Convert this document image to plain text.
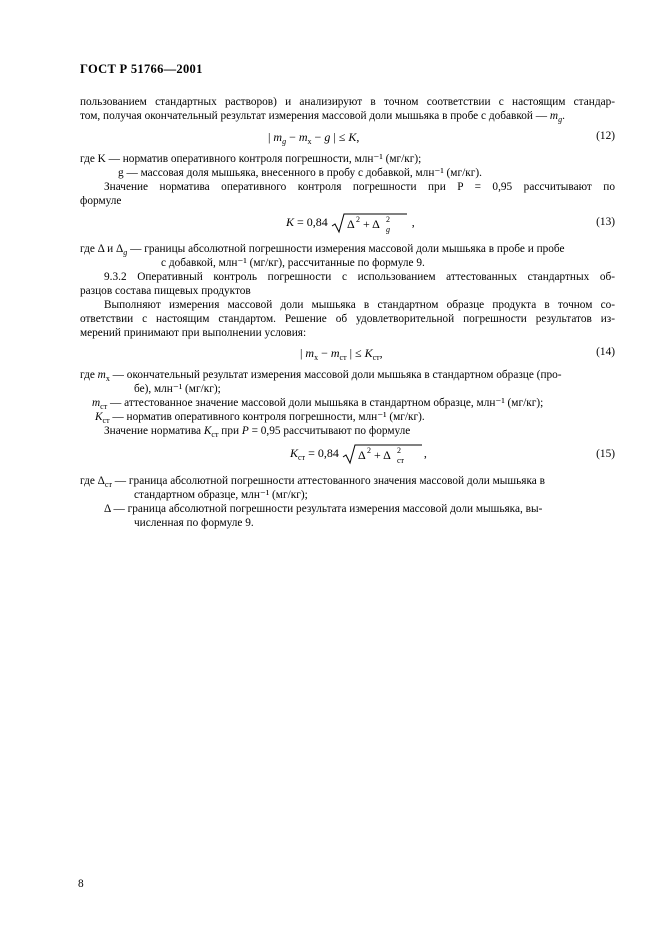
ГОСТ Р 51766—2001
пользованием стандартных растворов) и анализируют в точном соответствии с настоящим стандар-
том, получая окончательный результат измерения массовой доли мышьяка в пробе с добавкой — $m_g$.
| $m_g - m_х - g$ | ≤ K,	(12)
где K — норматив оперативного контроля погрешности, млн⁻¹ (мг/кг);
g — массовая доля мышьяка, внесенного в пробу с добавкой, млн⁻¹ (мг/кг).
Значение норматива оперативного контроля погрешности при P = 0,95 рассчитывают по
формуле
K = 0,84 Δ 2 + Δ 2
g
,	(13)
где Δ и $\Delta_g$ — границы абсолютной погрешности измерения массовой доли мышьяка в пробе и пробе
с добавкой, млн⁻¹ (мг/кг), рассчитанные по формуле 9.
9.3.2 Оперативный контроль погрешности с использованием аттестованных стандартных об-
разцов состава пищевых продуктов
Выполняют измерения массовой доли мышьяка в стандартном образце продукта в точном со-
ответствии с настоящим стандартом. Решение об удовлетворительной погрешности результатов из-
мерений принимают при выполнении условия:
| $m_х - m_{ст}$ | ≤ $K_{ст}$,	(14)
где $m_х$ — окончательный результат измерения массовой доли мышьяка в стандартном образце (про-
бе), млн⁻¹ (мг/кг);
$m_{ст}$ — аттестованное значение массовой доли мышьяка в стандартном образце, млн⁻¹ (мг/кг);
$K_{ст}$ — норматив оперативного контроля погрешности, млн⁻¹ (мг/кг).
Значение норматива $K_{ст}$ при P = 0,95 рассчитывают по формуле
$K_{ст} = 0,84$ Δ 2 + Δ 2
ст
,	(15)
где $\Delta_{ст}$ — граница абсолютной погрешности аттестованного значения массовой доли мышьяка в
стандартном образце, млн⁻¹ (мг/кг);
Δ — граница абсолютной погрешности результата измерения массовой доли мышьяка, вы-
численная по формуле 9.
8
